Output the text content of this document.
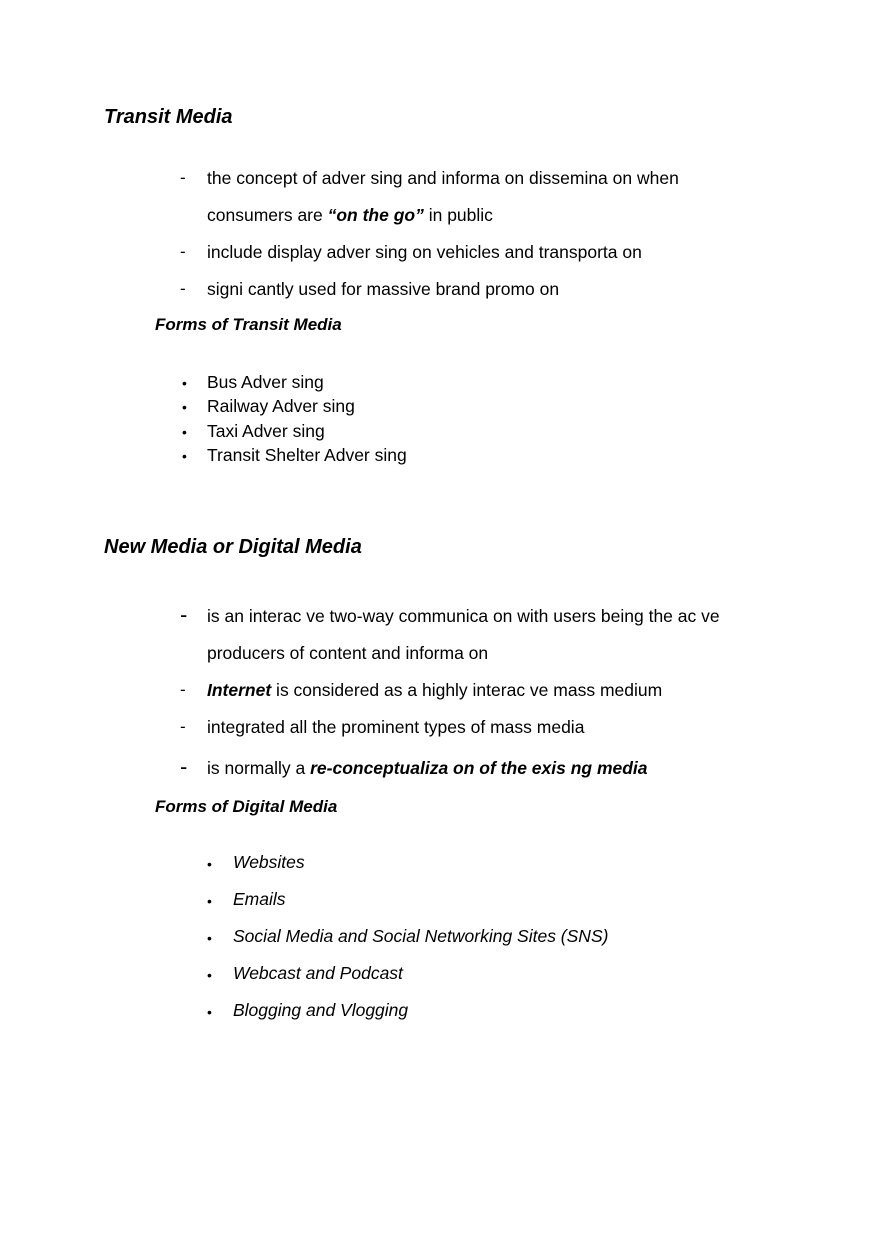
Transit Media
- the concept of adver sing and informa on dissemina on when
consumers are “on the go” in public
- include display adver sing on vehicles and transporta on
- signi cantly used for massive brand promo on
Forms of Transit Media
• Bus Adver sing
• Railway Adver sing
• Taxi Adver sing
• Transit Shelter Adver sing
New Media or Digital Media
- is an interac ve two-way communica on with users being the ac ve
producers of content and informa on
- Internet is considered as a highly interac ve mass medium
- integrated all the prominent types of mass media
- is normally a re-conceptualiza on of the exis ng media
Forms of Digital Media
• Websites
• Emails
• Social Media and Social Networking Sites (SNS)
• Webcast and Podcast
• Blogging and Vlogging
